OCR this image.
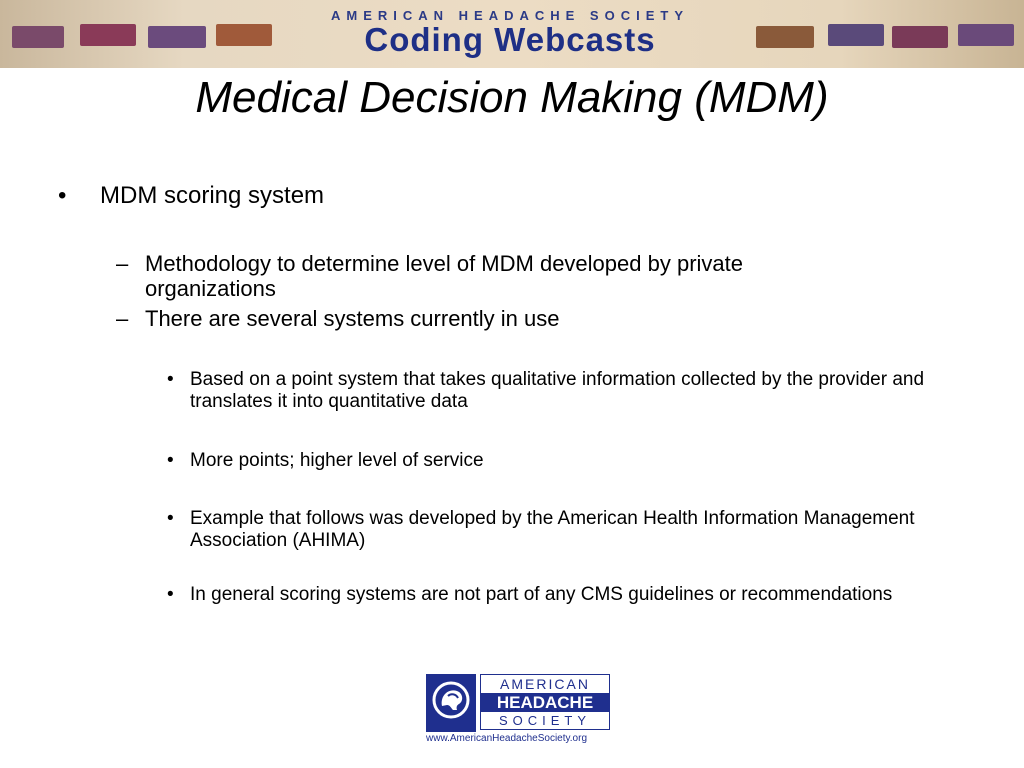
AMERICAN HEADACHE SOCIETY
Coding Webcasts
Medical Decision Making (MDM)
• MDM scoring system
– Methodology to determine level of MDM developed by private organizations
– There are several systems currently in use
• Based on a point system that takes qualitative information collected by the provider and translates it into quantitative data
• More points; higher level of service
• Example that follows was developed by the American Health Information Management Association (AHIMA)
• In general scoring systems are not part of any CMS guidelines or recommendations
AMERICAN
HEADACHE
SOCIETY
www.AmericanHeadacheSociety.org
